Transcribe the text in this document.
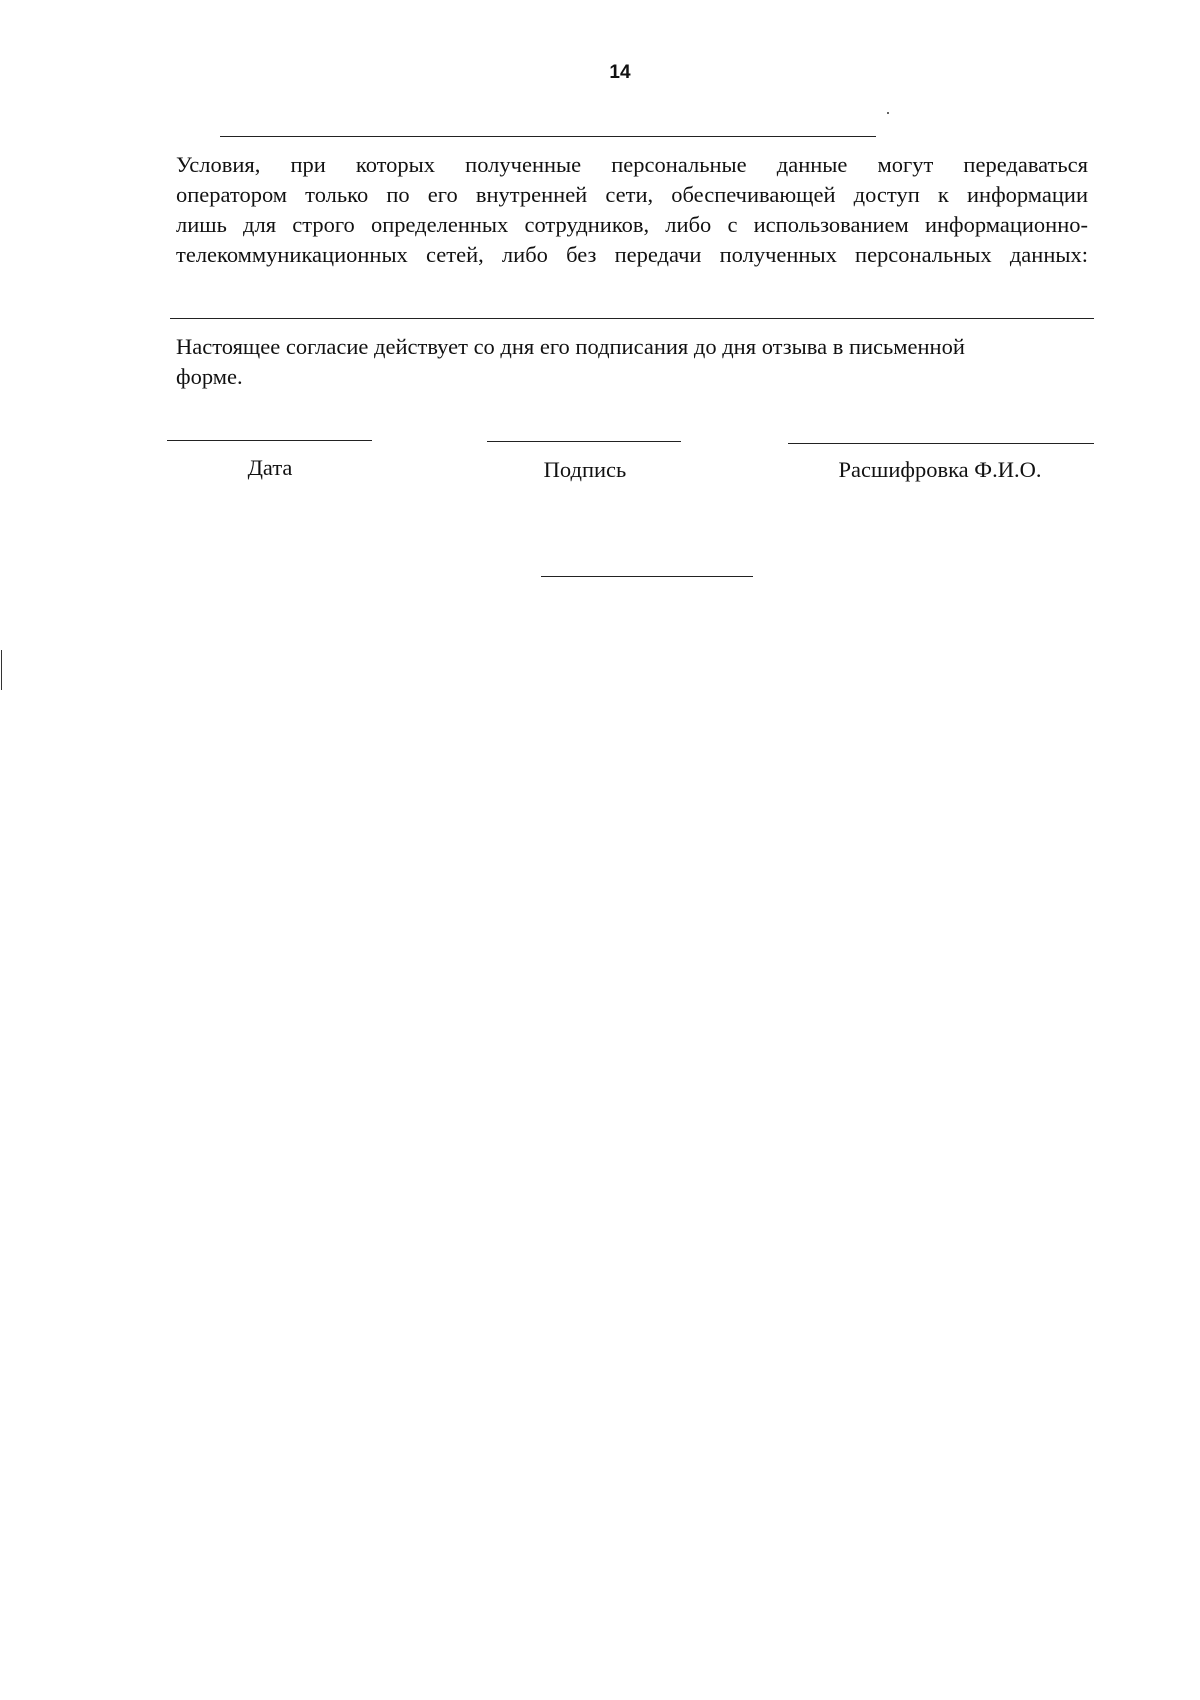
14
Условия, при которых полученные персональные данные могут передаваться
оператором только по его внутренней сети, обеспечивающей доступ к информации
лишь для строго определенных сотрудников, либо с использованием информационно-
телекоммуникационных сетей, либо без передачи полученных персональных данных:
Настоящее согласие действует со дня его подписания до дня отзыва в письменной
форме.
Дата	Подпись	Расшифровка Ф.И.О.
